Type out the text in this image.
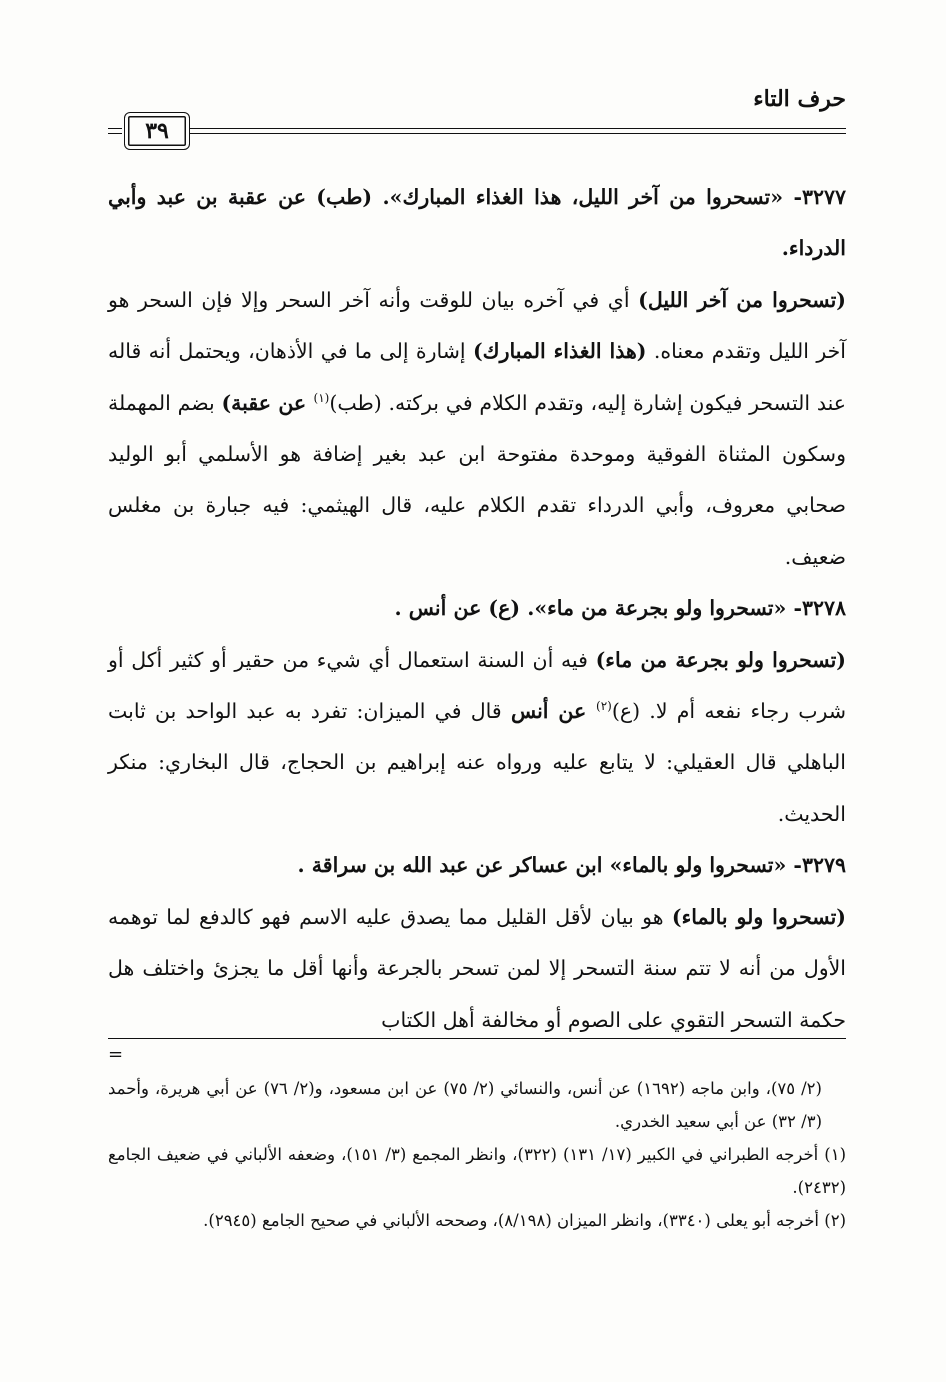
حرف التاء
٣٩

٣٢٧٧- «تسحروا من آخر الليل، هذا الغذاء المبارك». (طب) عن عقبة بن عبد وأبي الدرداء.

(تسحروا من آخر الليل) أي في آخره بيان للوقت وأنه آخر السحر وإلا فإن السحر هو آخر الليل وتقدم معناه. (هذا الغذاء المبارك) إشارة إلى ما في الأذهان، ويحتمل أنه قاله عند التسحر فيكون إشارة إليه، وتقدم الكلام في بركته. (طب)$^{(١)}$ عن عقبة) بضم المهملة وسكون المثناة الفوقية وموحدة مفتوحة ابن عبد بغير إضافة هو الأسلمي أبو الوليد صحابي معروف، وأبي الدرداء تقدم الكلام عليه، قال الهيثمي: فيه جبارة بن مغلس ضعيف.

٣٢٧٨- «تسحروا ولو بجرعة من ماء». (ع) عن أنس .

(تسحروا ولو بجرعة من ماء) فيه أن السنة استعمال أي شيء من حقير أو كثير أكل أو شرب رجاء نفعه أم لا. (ع)$^{(٢)}$ عن أنس قال في الميزان: تفرد به عبد الواحد بن ثابت الباهلي قال العقيلي: لا يتابع عليه ورواه عنه إبراهيم بن الحجاج، قال البخاري: منكر الحديث.

٣٢٧٩- «تسحروا ولو بالماء» ابن عساكر عن عبد الله بن سراقة .

(تسحروا ولو بالماء) هو بيان لأقل القليل مما يصدق عليه الاسم فهو كالدفع لما توهمه الأول من أنه لا تتم سنة التسحر إلا لمن تسحر بالجرعة وأنها أقل ما يجزئ واختلف هل حكمة التسحر التقوي على الصوم أو مخالفة أهل الكتاب

=

(٢/ ٧٥)، وابن ماجه (١٦٩٢) عن أنس، والنسائي (٢/ ٧٥) عن ابن مسعود، و(٢/ ٧٦) عن أبي هريرة، وأحمد (٣/ ٣٢) عن أبي سعيد الخدري.

(١) أخرجه الطبراني في الكبير (١٧/ ١٣١) (٣٢٢)، وانظر المجمع (٣/ ١٥١)، وضعفه الألباني في ضعيف الجامع (٢٤٣٢).

(٢) أخرجه أبو يعلى (٣٣٤٠)، وانظر الميزان (٨/١٩٨)، وصححه الألباني في صحيح الجامع (٢٩٤٥).
